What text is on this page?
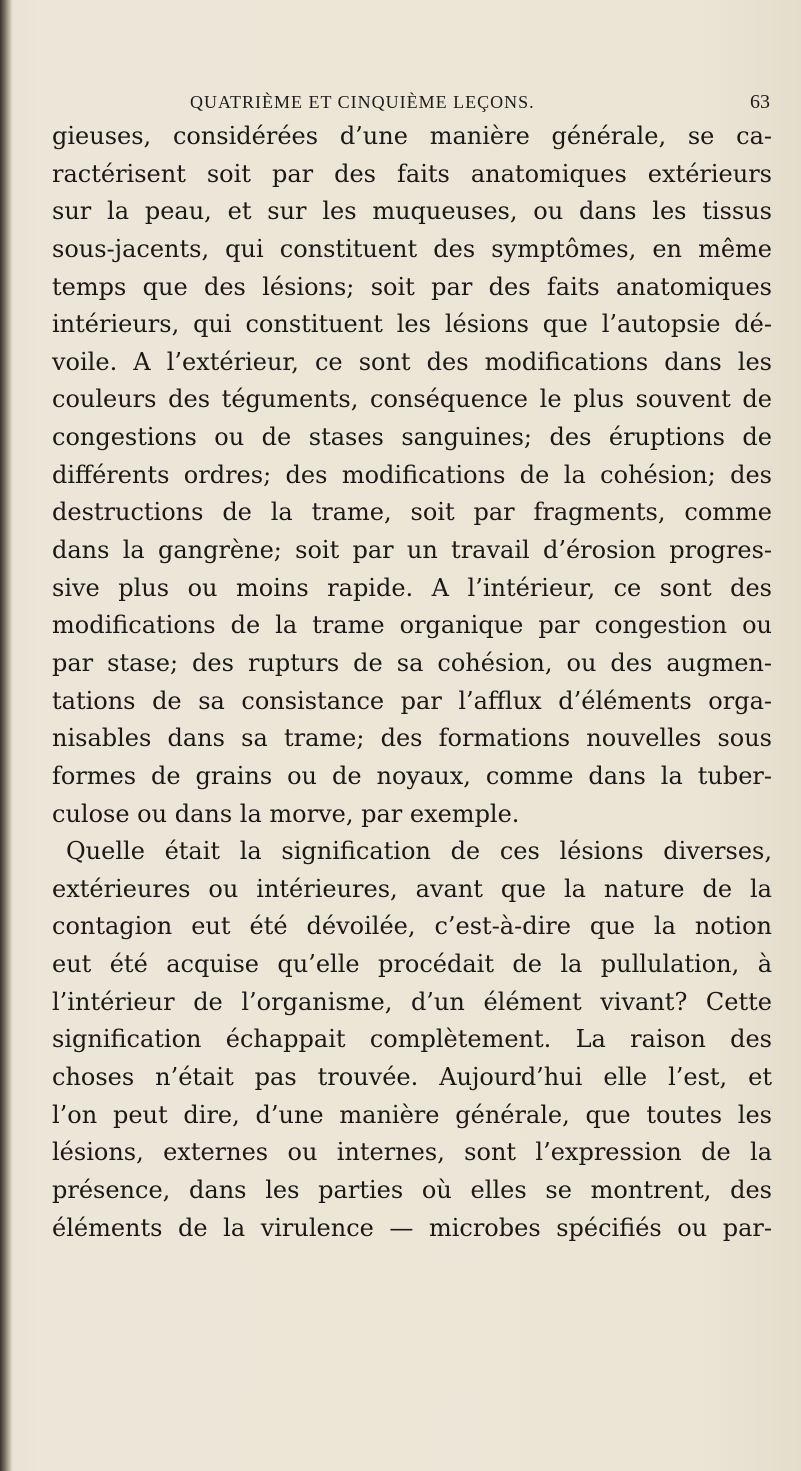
QUATRIÈME ET CINQUIÈME LEÇONS.	63
gieuses, considérées d’une manière générale, se ca-
ractérisent soit par des faits anatomiques extérieurs
sur la peau, et sur les muqueuses, ou dans les tissus
sous-jacents, qui constituent des symptômes, en même
temps que des lésions; soit par des faits anatomiques
intérieurs, qui constituent les lésions que l’autopsie dé-
voile. A l’extérieur, ce sont des modifications dans les
couleurs des téguments, conséquence le plus souvent de
congestions ou de stases sanguines; des éruptions de
différents ordres; des modifications de la cohésion; des
destructions de la trame, soit par fragments, comme
dans la gangrène; soit par un travail d’érosion progres-
sive plus ou moins rapide. A l’intérieur, ce sont des
modifications de la trame organique par congestion ou
par stase; des rupturs de sa cohésion, ou des augmen-
tations de sa consistance par l’afflux d’éléments orga-
nisables dans sa trame; des formations nouvelles sous
formes de grains ou de noyaux, comme dans la tuber-
culose ou dans la morve, par exemple.
Quelle était la signification de ces lésions diverses,
extérieures ou intérieures, avant que la nature de la
contagion eut été dévoilée, c’est-à-dire que la notion
eut été acquise qu’elle procédait de la pullulation, à
l’intérieur de l’organisme, d’un élément vivant? Cette
signification échappait complètement. La raison des
choses n’était pas trouvée. Aujourd’hui elle l’est, et
l’on peut dire, d’une manière générale, que toutes les
lésions, externes ou internes, sont l’expression de la
présence, dans les parties où elles se montrent, des
éléments de la virulence — microbes spécifiés ou par-
